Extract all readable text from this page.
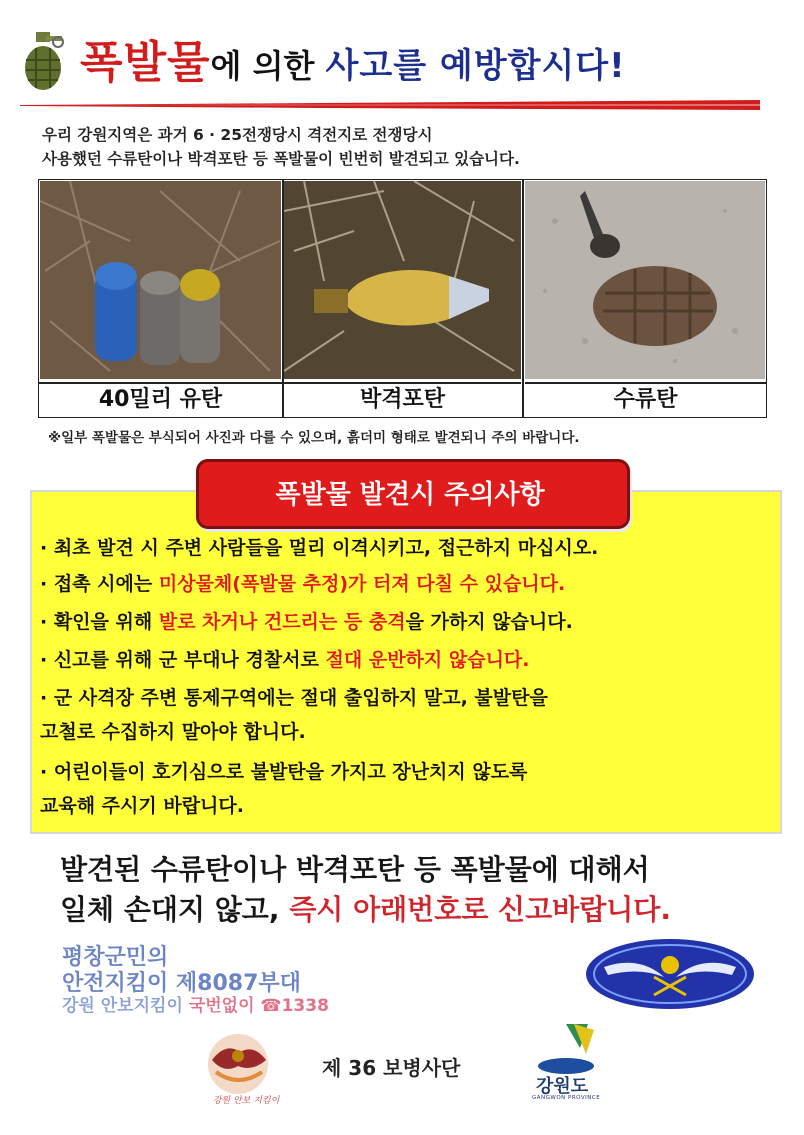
폭발물에 의한 사고를 예방합시다!
우리 강원지역은 과거 6 · 25전쟁당시 격전지로 전쟁당시
사용했던 수류탄이나 박격포탄 등 폭발물이 빈번히 발견되고 있습니다.
40밀리 유탄	박격포탄	수류탄
※일부 폭발물은 부식되어 사진과 다를 수 있으며, 흙더미 형태로 발견되니 주의 바랍니다.
폭발물 발견시 주의사항
· 최초 발견 시 주변 사람들을 멀리 이격시키고, 접근하지 마십시오.
· 접촉 시에는 미상물체(폭발물 추정)가 터져 다칠 수 있습니다.
· 확인을 위해 발로 차거나 건드리는 등 충격을 가하지 않습니다.
· 신고를 위해 군 부대나 경찰서로 절대 운반하지 않습니다.
· 군 사격장 주변 통제구역에는 절대 출입하지 말고, 불발탄을
고철로 수집하지 말아야 합니다.
· 어린이들이 호기심으로 불발탄을 가지고 장난치지 않도록
교육해 주시기 바랍니다.
발견된 수류탄이나 박격포탄 등 폭발물에 대해서
일체 손대지 않고, 즉시 아래번호로 신고바랍니다.
평창군민의
안전지킴이 제8087부대
강원 안보지킴이 국번없이 ☎1338
강원 안보 지킴이
제 36 보병사단
강원도
GANGWON PROVINCE
